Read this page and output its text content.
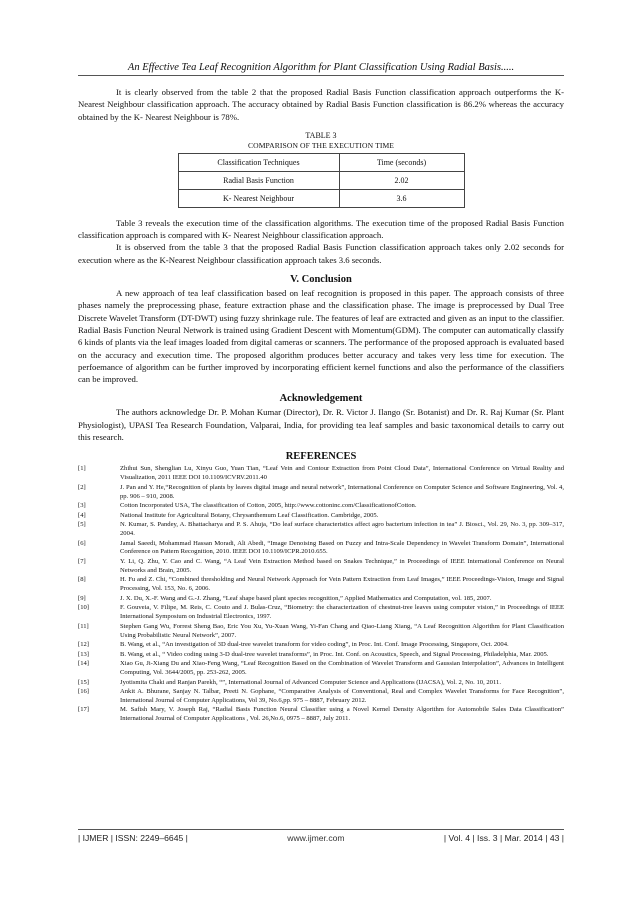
An Effective Tea Leaf Recognition Algorithm for Plant Classification Using Radial Basis.....

It is clearly observed from the table 2 that the proposed Radial Basis Function classification approach outperforms the K- Nearest Neighbour classification approach. The accuracy obtained by Radial Basis Function classification is 86.2% whereas the accuracy obtained by the K- Nearest Neighbour is 78%.

TABLE 3
COMPARISON OF THE EXECUTION TIME
Classification Techniques	Time (seconds)
Radial Basis Function	2.02
K- Nearest Neighbour	3.6

Table 3 reveals the execution time of the classification algorithms. The execution time of the proposed Radial Basis Function classification approach is compared with K- Nearest Neighbour classification approach.

It is observed from the table 3 that the proposed Radial Basis Function classification approach takes only 2.02 seconds for execution where as the K-Nearest Neighbour classification approach takes 3.6 seconds.

V. Conclusion

A new approach of tea leaf classification based on leaf recognition is proposed in this paper. The approach consists of three phases namely the preprocessing phase, feature extraction phase and the classification phase. The image is preprocessed by Dual Tree Discrete Wavelet Transform (DT-DWT) using fuzzy shrinkage rule. The features of leaf are extracted and given as an input to the classifier. Radial Basis Function Neural Network is trained using Gradient Descent with Momentum(GDM). The computer can automatically classify 6 kinds of plants via the leaf images loaded from digital cameras or scanners. The performance of the proposed approach is evaluated based on the accuracy and execution time. The proposed algorithm produces better accuracy and takes very less time for execution. The perfoemance of algorithm can be further improved by incorporating efficient kernel functions and also the performance of the classifiers can be improved.

Acknowledgement

The authors acknowledge Dr. P. Mohan Kumar (Director), Dr. R. Victor J. Ilango (Sr. Botanist) and Dr. R. Raj Kumar (Sr. Plant Physiologist), UPASI Tea Research Foundation, Valparai, India, for providing tea leaf samples and basic taxonomical details to carry out this research.

REFERENCES
[1]	Zhihui Sun, Shenglian Lu, Xinyu Guo, Yuan Tian, “Leaf Vein and Contour Extraction from Point Cloud Data”, International Conference on Virtual Reality and Visualization, 2011 IEEE DOI 10.1109/ICVRV.2011.40
[2]	J. Pan and Y. He,“Recognition of plants by leaves digital image and neural network”, International Conference on Computer Science and Software Engineering, Vol. 4, pp. 906 – 910, 2008.
[3]	Cotton Incorporated USA, The classification of Cotton, 2005, http://www.cottoninc.com/ClassificationofCotton.
[4]	National Institute for Agricultural Botany, Chrysanthemum Leaf Classification. Cambridge, 2005.
[5]	N. Kumar, S. Pandey, A. Bhattacharya and P. S. Ahuja, “Do leaf surface characteristics affect agro bacterium infection in tea” J. Biosci., Vol. 29, No. 3, pp. 309–317, 2004.
[6]	Jamal Saeedi, Mohammad Hassan Moradi, Ali Abedi, “Image Denoising Based on Fuzzy and Intra-Scale Dependency in Wavelet Transform Domain”, International Conference on Pattern Recognition, 2010. IEEE DOI 10.1109/ICPR.2010.655.
[7]	Y. Li, Q. Zhu, Y. Cao and C. Wang, “A Leaf Vein Extraction Method based on Snakes Technique,” in Proceedings of IEEE International Conference on Neural Networks and Brain, 2005.
[8]	H. Fu and Z. Chi, “Combined thresholding and Neural Network Approach for Vein Pattern Extraction from Leaf Images,” IEEE Proceedings-Vision, Image and Signal Processing, Vol. 153, No. 6, 2006.
[9]	J. X. Du, X.-F. Wang and G.-J. Zhang, “Leaf shape based plant species recognition,” Applied Mathematics and Computation, vol. 185, 2007.
[10]	F. Gouveia, V. Filipe, M. Reis, C. Couto and J. Bulas-Cruz, “Biometry: the characterization of chestnut-tree leaves using computer vision,” in Proceedings of IEEE International Symposium on Industrial Electronics, 1997.
[11]	Stephen Gang Wu, Forrest Sheng Bao, Eric You Xu, Yu-Xuan Wang, Yi-Fan Chang and Qiao-Liang Xiang, “A Leaf Recognition Algorithm for Plant Classification Using Probabilistic Neural Network”, 2007.
[12]	B. Wang, et al., “An investigation of 3D dual-tree wavelet transform for video coding”, in Proc. Int. Conf. Image Processing, Singapore, Oct. 2004.
[13]	B. Wang, et al., “ Video coding using 3-D dual-tree wavelet transforms”, in Proc. Int. Conf. on Acoustics, Speech, and Signal Processing, Philadelphia, Mar. 2005.
[14]	Xiao Gu, Ji-Xiang Du and Xiao-Feng Wang, “Leaf Recognition Based on the Combination of Wavelet Transform and Gaussian Interpolation”, Advances in Intelligent Computing, Vol. 3644/2005, pp. 253-262, 2005.
[15]	Jyotismita Chaki and Ranjan Parekh, “”, International Journal of Advanced Computer Science and Applications (IJACSA), Vol. 2, No. 10, 2011.
[16]	Ankit A. Bhurane, Sanjay N. Talbar, Preeti N. Gophane, “Comparative Analysis of Conventional, Real and Complex Wavelet Transforms for Face Recognition”, International Journal of Computer Applications, Vol 39, No.6,pp. 975 – 8887, February 2012.
[17]	M. Safish Mary, V. Joseph Raj, “Radial Basis Function Neural Classifier using a Novel Kernel Density Algorithm for Automobile Sales Data Classification” International Journal of Computer Applications , Vol. 26,No.6, 0975 – 8887, July 2011.
| IJMER | ISSN: 2249–6645 |	www.ijmer.com	| Vol. 4 | Iss. 3 | Mar. 2014 | 43 |
